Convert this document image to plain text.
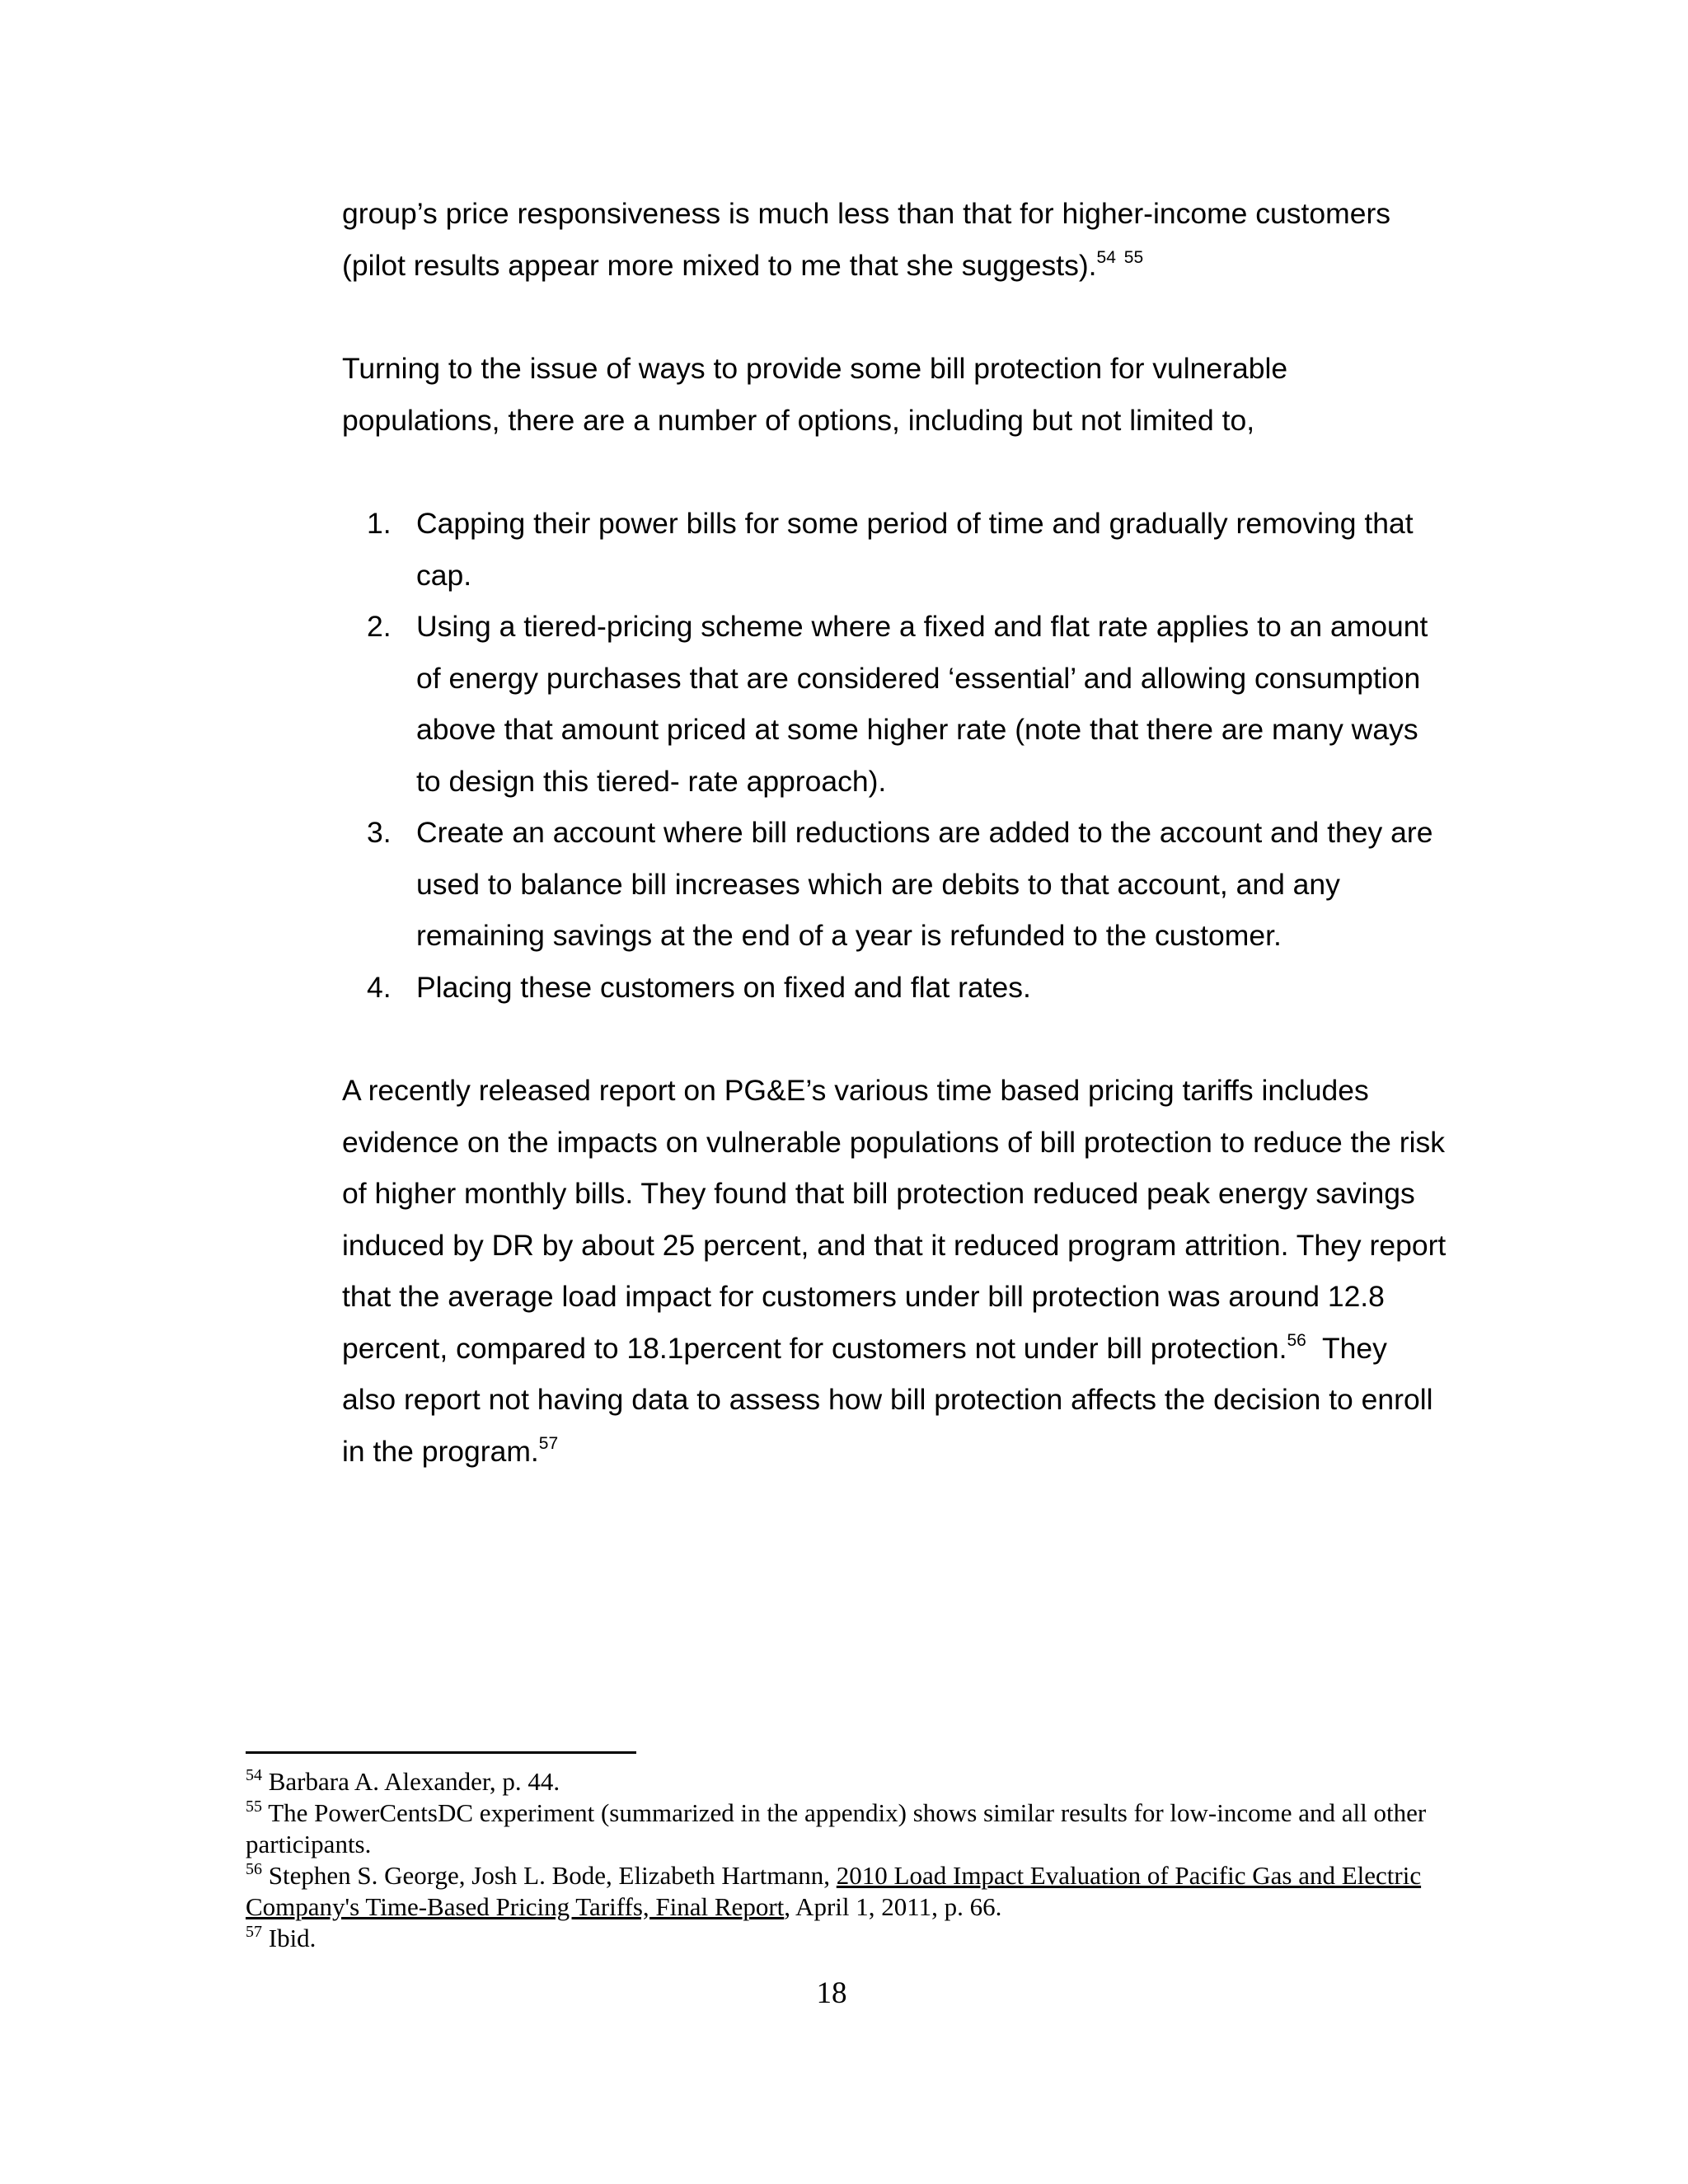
group’s price responsiveness is much less than that for higher-income customers (pilot results appear more mixed to me that she suggests).$^{54}$ $^{55}$

Turning to the issue of ways to provide some bill protection for vulnerable populations, there are a number of options, including but not limited to,

1. Capping their power bills for some period of time and gradually removing that cap.
2. Using a tiered-pricing scheme where a fixed and flat rate applies to an amount of energy purchases that are considered ‘essential’ and allowing consumption above that amount priced at some higher rate (note that there are many ways to design this tiered- rate approach).
3. Create an account where bill reductions are added to the account and they are used to balance bill increases which are debits to that account, and any remaining savings at the end of a year is refunded to the customer.
4. Placing these customers on fixed and flat rates.

A recently released report on PG&E’s various time based pricing tariffs includes evidence on the impacts on vulnerable populations of bill protection to reduce the risk of higher monthly bills. They found that bill protection reduced peak energy savings induced by DR by about 25 percent, and that it reduced program attrition. They report that the average load impact for customers under bill protection was around 12.8 percent, compared to 18.1percent for customers not under bill protection.$^{56}$  They also report not having data to assess how bill protection affects the decision to enroll in the program.$^{57}$

$^{54}$ Barbara A. Alexander, p. 44.

$^{55}$ The PowerCentsDC experiment (summarized in the appendix) shows similar results for low-income and all other participants.

$^{56}$ Stephen S. George, Josh L. Bode, Elizabeth Hartmann, 2010 Load Impact Evaluation of Pacific Gas and Electric Company's Time-Based Pricing Tariffs, Final Report, April 1, 2011, p. 66.

$^{57}$ Ibid.

18
